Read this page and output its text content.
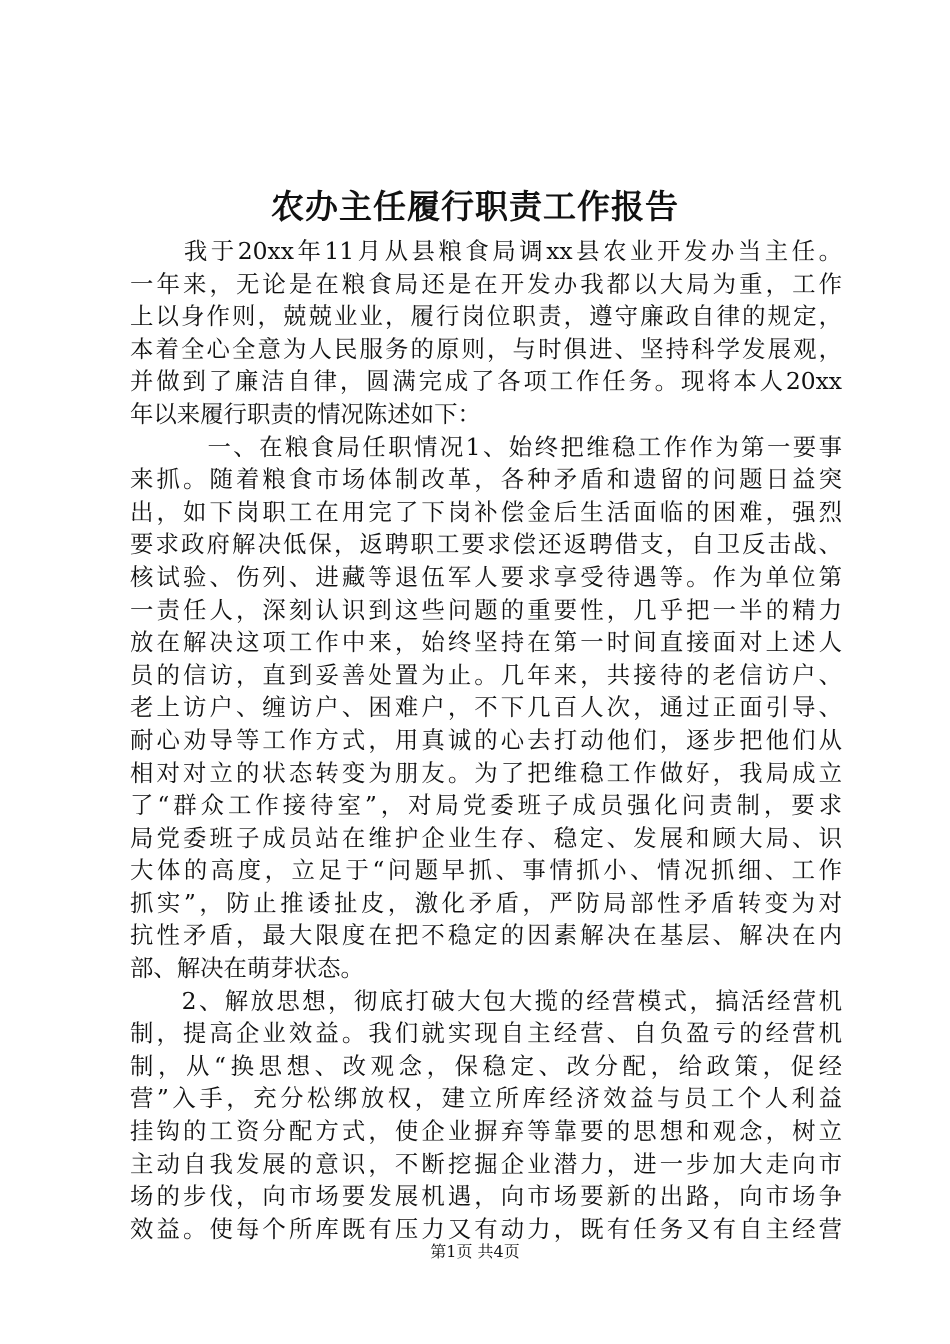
农办主任履行职责工作报告
　　我于20xx年11月从县粮食局调xx县农业开发办当主任。
一年来，无论是在粮食局还是在开发办我都以大局为重，工作
上以身作则，兢兢业业，履行岗位职责，遵守廉政自律的规定，
本着全心全意为人民服务的原则，与时俱进、坚持科学发展观，
并做到了廉洁自律，圆满完成了各项工作任务。现将本人20xx
年以来履行职责的情况陈述如下：
　　　一、在粮食局任职情况1、始终把维稳工作作为第一要事
来抓。随着粮食市场体制改革，各种矛盾和遗留的问题日益突
出，如下岗职工在用完了下岗补偿金后生活面临的困难，强烈
要求政府解决低保，返聘职工要求偿还返聘借支，自卫反击战、
核试验、伤列、进藏等退伍军人要求享受待遇等。作为单位第
一责任人，深刻认识到这些问题的重要性，几乎把一半的精力
放在解决这项工作中来，始终坚持在第一时间直接面对上述人
员的信访，直到妥善处置为止。几年来，共接待的老信访户、
老上访户、缠访户、困难户，不下几百人次，通过正面引导、
耐心劝导等工作方式，用真诚的心去打动他们，逐步把他们从
相对对立的状态转变为朋友。为了把维稳工作做好，我局成立
了“群众工作接待室”，对局党委班子成员强化问责制，要求
局党委班子成员站在维护企业生存、稳定、发展和顾大局、识
大体的高度，立足于“问题早抓、事情抓小、情况抓细、工作
抓实”，防止推诿扯皮，激化矛盾，严防局部性矛盾转变为对
抗性矛盾，最大限度在把不稳定的因素解决在基层、解决在内
部、解决在萌芽状态。
　　2、解放思想，彻底打破大包大揽的经营模式，搞活经营机
制，提高企业效益。我们就实现自主经营、自负盈亏的经营机
制，从“换思想、改观念，保稳定、改分配，给政策，促经
营”入手，充分松绑放权，建立所库经济效益与员工个人利益
挂钩的工资分配方式，使企业摒弃等靠要的思想和观念，树立
主动自我发展的意识，不断挖掘企业潜力，进一步加大走向市
场的步伐，向市场要发展机遇，向市场要新的出路，向市场争
效益。使每个所库既有压力又有动力，既有任务又有自主经营
第1页 共4页
